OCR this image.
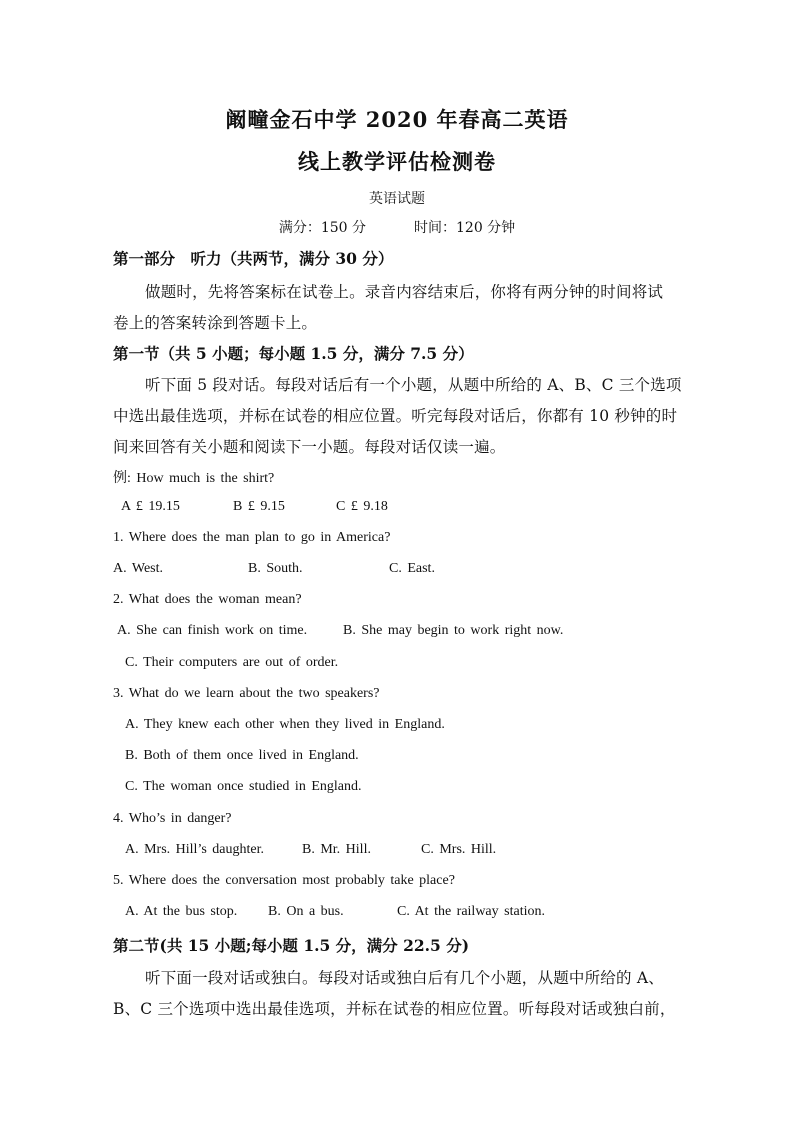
阚疃金石中学 2020 年春高二英语
线上教学评估检测卷
英语试题
满分：150 分	时间：120 分钟
第一部分　听力（共两节，满分 30 分）
做题时，先将答案标在试卷上。录音内容结束后，你将有两分钟的时间将试
卷上的答案转涂到答题卡上。
第一节（共 5 小题；每小题 1.5 分，满分 7.5 分）
听下面 5 段对话。每段对话后有一个小题，从题中所给的 A、B、C 三个选项
中选出最佳选项，并标在试卷的相应位置。听完每段对话后，你都有 10 秒钟的时
间来回答有关小题和阅读下一小题。每段对话仅读一遍。
例: How much is the shirt?
A £ 19.15	B £ 9.15	C £ 9.18
1. Where does the man plan to go in America?
A. West.	B. South.	C. East.
2. What does the woman mean?
A. She can finish work on time.	B. She may begin to work right now.
C. Their computers are out of order.
3. What do we learn about the two speakers?
A. They knew each other when they lived in England.
B. Both of them once lived in England.
C. The woman once studied in England.
4. Who’s in danger?
A. Mrs. Hill’s daughter.	B. Mr. Hill.	C. Mrs. Hill.
5. Where does the conversation most probably take place?
A. At the bus stop. B. On a bus.	C. At the railway station.
第二节(共 15 小题;每小题 1.5 分，满分 22.5 分)
听下面一段对话或独白。每段对话或独白后有几个小题，从题中所给的 A、
B、C 三个选项中选出最佳选项，并标在试卷的相应位置。听每段对话或独白前，
